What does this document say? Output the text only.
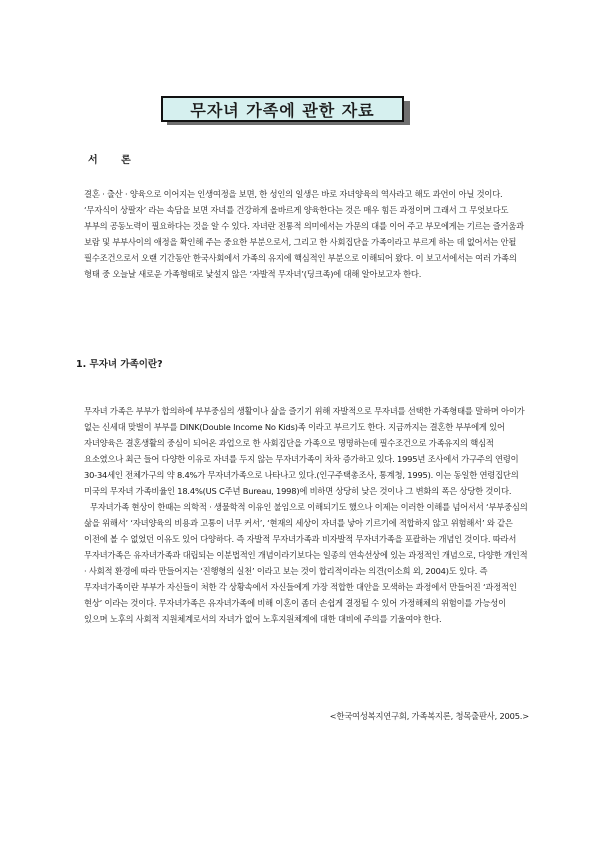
무자녀 가족에 관한 자료
서 론

결혼 · 출산 · 양육으로 이어지는 인생여정을 보면, 한 성인의 일생은 바로 자녀양육의 역사라고 해도 과언이 아닐 것이다. ‘무자식이 상팔자’ 라는 속담을 보면 자녀를 건강하게 올바르게 양육한다는 것은 매우 힘든 과정이며 그래서 그 무엇보다도 부부의 공동노력이 필요하다는 것을 알 수 있다. 자녀란 전통적 의미에서는 가문의 대를 이어 주고 부모에게는 기르는 즐거움과 보람 및 부부사이의 애정을 확인해 주는 중요한 부분으로서, 그리고 한 사회집단을 가족이라고 부르게 하는 데 없어서는 안될 필수조건으로서 오랜 기간동안 한국사회에서 가족의 유지에 핵심적인 부분으로 이해되어 왔다. 이 보고서에서는 여러 가족의 형태 중 오늘날 새로운 가족형태로 낯설지 않은 ‘자발적 무자녀’(딩크족)에 대해 알아보고자 한다.

1. 무자녀 가족이란?
무자녀 가족은 부부가 합의하에 부부중심의 생활이나 삶을 즐기기 위해 자발적으로 무자녀를 선택한 가족형태를 말하며 아이가 없는 신세대 맞벌이 부부를 DINK(Double Income No Kids)족 이라고 부르기도 한다. 지금까지는 결혼한 부부에게 있어 자녀양육은 결혼생활의 중심이 되어온 과업으로 한 사회집단을 가족으로 명명하는데 필수조건으로 가족유지의 핵심적 요소였으나 최근 들어 다양한 이유로 자녀를 두지 않는 무자녀가족이 차차 증가하고 있다. 1995년 조사에서 가구주의 연령이 30-34세인 전체가구의 약 8.4%가 무자녀가족으로 나타나고 있다.(인구주택총조사, 통계청, 1995). 이는 동일한 연령집단의 미국의 무자녀 가족비율인 18.4%(US C주년 Bureau, 1998)에 비하면 상당히 낮은 것이나 그 변화의 폭은 상당한 것이다.
무자녀가족 현상이 한때는 의학적 · 생물학적 이유인 불임으로 이해되기도 했으나 이제는 이러한 이해를 넘어서서 ‘부부중심의 삶을 위해서’ ‘자녀양육의 비용과 고통이 너무 커서’, ‘현재의 세상이 자녀를 낳아 기르기에 적합하지 않고 위험해서’ 와 같은 이전에 볼 수 없었던 이유도 있어 다양하다. 즉 자발적 무자녀가족과 비자발적 무자녀가족을 포괄하는 개념인 것이다. 따라서 무자녀가족은 유자녀가족과 대립되는 이분법적인 개념이라기보다는 일종의 연속선상에 있는 과정적인 개념으로, 다양한 개인적 · 사회적 환경에 따라 만들어지는 ‘진행형의 실천’ 이라고 보는 것이 합리적이라는 의견(이소희 외, 2004)도 있다. 즉 무자녀가족이란 부부가 자신들이 처한 각 상황속에서 자신들에게 가장 적합한 대안을 모색하는 과정에서 만들어진 ‘과정적인 현상’ 이라는 것이다. 무자녀가족은 유자녀가족에 비해 이혼이 좀더 손쉽게 결정될 수 있어 가정해체의 위험이를 가능성이 있으며 노후의 사회적 지원체계로서의 자녀가 없어 노후지원체계에 대한 대비에 주의를 기울여야 한다.
<한국여성복지연구회, 가족복지론, 청목출판사, 2005.>
